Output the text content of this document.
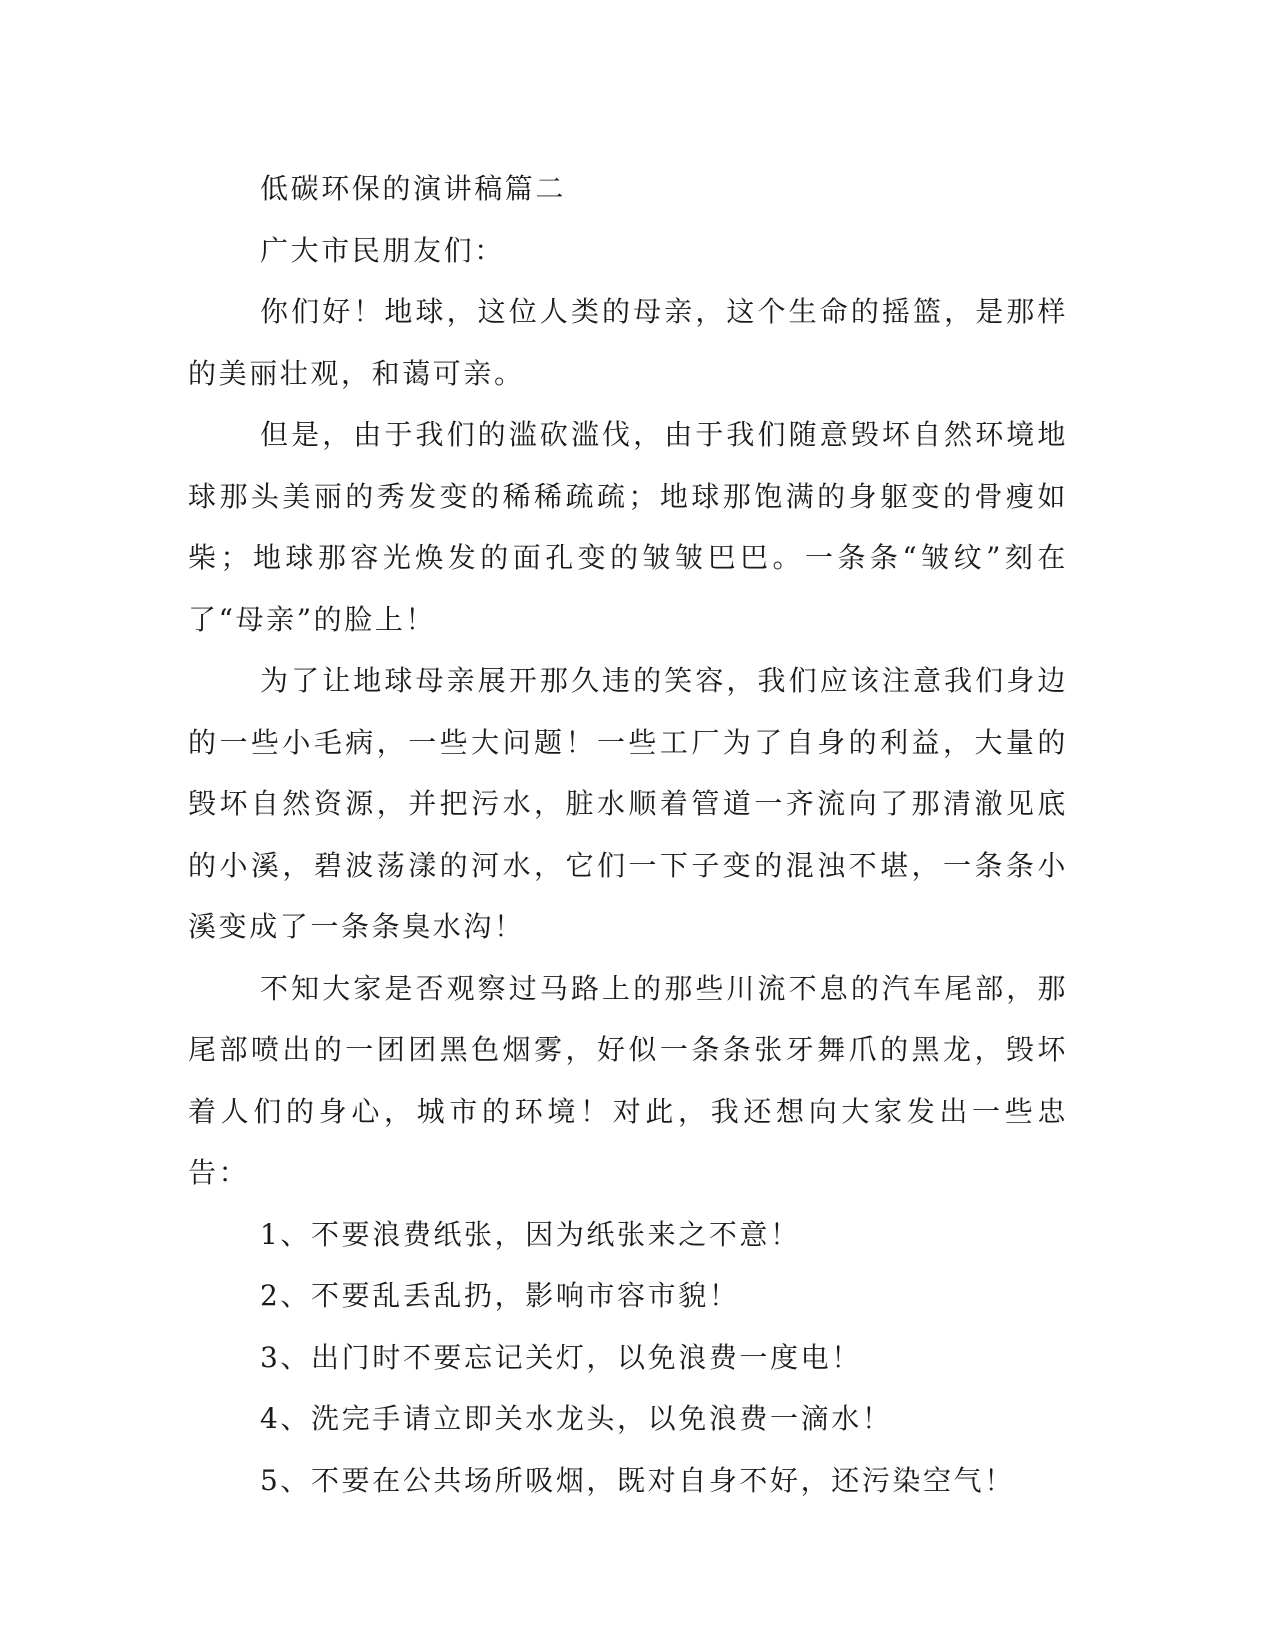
低碳环保的演讲稿篇二

广大市民朋友们：

你们好！地球，这位人类的母亲，这个生命的摇篮，是那样的美丽壮观，和蔼可亲。

但是，由于我们的滥砍滥伐，由于我们随意毁坏自然环境地球那头美丽的秀发变的稀稀疏疏；地球那饱满的身躯变的骨瘦如柴；地球那容光焕发的面孔变的皱皱巴巴。一条条“皱纹”刻在了“母亲”的脸上！

为了让地球母亲展开那久违的笑容，我们应该注意我们身边的一些小毛病，一些大问题！一些工厂为了自身的利益，大量的毁坏自然资源，并把污水，脏水顺着管道一齐流向了那清澈见底的小溪，碧波荡漾的河水，它们一下子变的混浊不堪，一条条小溪变成了一条条臭水沟！

不知大家是否观察过马路上的那些川流不息的汽车尾部，那尾部喷出的一团团黑色烟雾，好似一条条张牙舞爪的黑龙，毁坏着人们的身心，城市的环境！对此，我还想向大家发出一些忠告：

1、不要浪费纸张，因为纸张来之不意！

2、不要乱丢乱扔，影响市容市貌！

3、出门时不要忘记关灯，以免浪费一度电！

4、洗完手请立即关水龙头，以免浪费一滴水！

5、不要在公共场所吸烟，既对自身不好，还污染空气！
